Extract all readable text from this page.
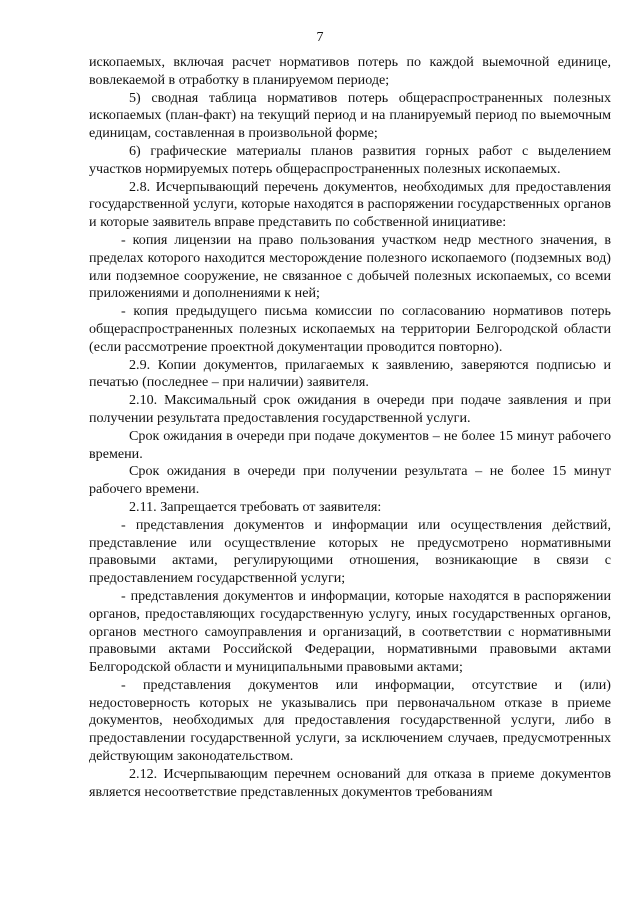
7

ископаемых, включая расчет нормативов потерь по каждой выемочной единице, вовлекаемой в отработку в планируемом периоде;

5) сводная таблица нормативов потерь общераспространенных полезных ископаемых (план-факт) на текущий период и на планируемый период по выемочным единицам, составленная в произвольной форме;

6) графические материалы планов развития горных работ с выделением участков нормируемых потерь общераспространенных полезных ископаемых.

2.8. Исчерпывающий перечень документов, необходимых для предоставления государственной услуги, которые находятся в распоряжении государственных органов и которые заявитель вправе представить по собственной инициативе:

- копия лицензии на право пользования участком недр местного значения, в пределах которого находится месторождение полезного ископаемого (подземных вод) или подземное сооружение, не связанное с добычей полезных ископаемых, со всеми приложениями и дополнениями к ней;

- копия предыдущего письма комиссии по согласованию нормативов потерь общераспространенных полезных ископаемых на территории Белгородской области (если рассмотрение проектной документации проводится повторно).

2.9. Копии документов, прилагаемых к заявлению, заверяются подписью и печатью (последнее – при наличии) заявителя.

2.10. Максимальный срок ожидания в очереди при подаче заявления и при получении результата предоставления государственной услуги.

Срок ожидания в очереди при подаче документов – не более 15 минут рабочего времени.

Срок ожидания в очереди при получении результата – не более 15 минут рабочего времени.

2.11. Запрещается требовать от заявителя:

- представления документов и информации или осуществления действий, представление или осуществление которых не предусмотрено нормативными правовыми актами, регулирующими отношения, возникающие в связи с предоставлением государственной услуги;

- представления документов и информации, которые находятся в распоряжении органов, предоставляющих государственную услугу, иных государственных органов, органов местного самоуправления и организаций, в соответствии с нормативными правовыми актами Российской Федерации, нормативными правовыми актами Белгородской области и муниципальными правовыми актами;

- представления документов или информации, отсутствие и (или) недостоверность которых не указывались при первоначальном отказе в приеме документов, необходимых для предоставления государственной услуги, либо в предоставлении государственной услуги, за исключением случаев, предусмотренных действующим законодательством.

2.12. Исчерпывающим перечнем оснований для отказа в приеме документов является несоответствие представленных документов требованиям
